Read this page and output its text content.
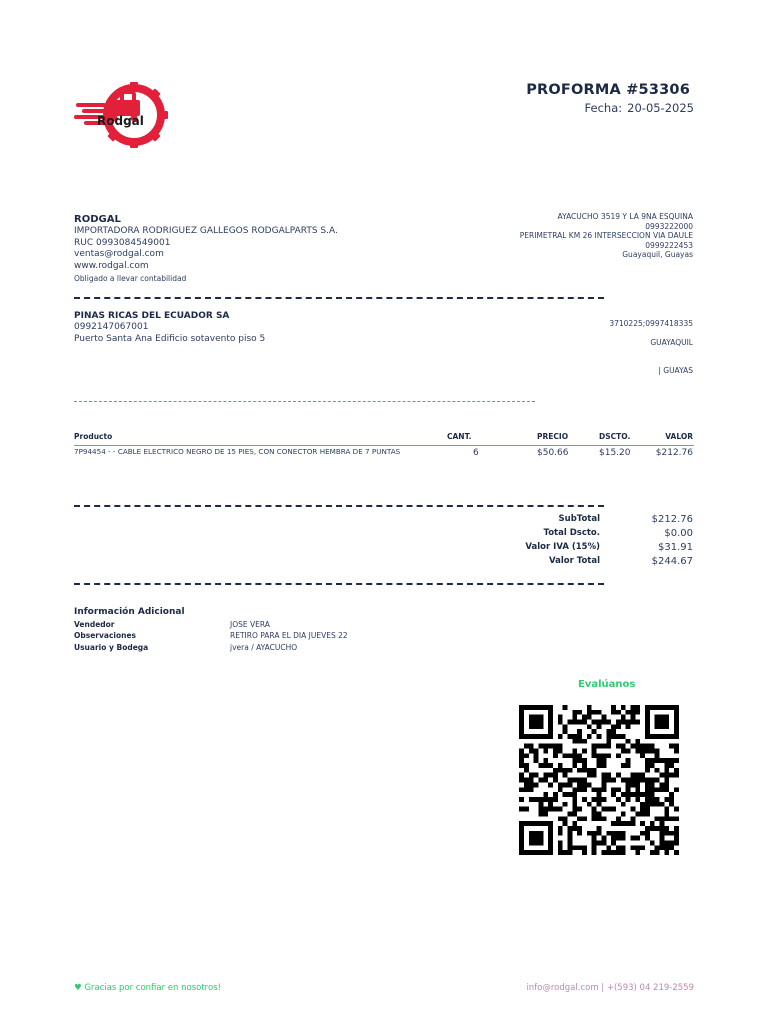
Rodgal
PROFORMA #53306
Fecha: 20-05-2025
RODGAL
IMPORTADORA RODRIGUEZ GALLEGOS RODGALPARTS S.A.
RUC 0993084549001
ventas@rodgal.com
www.rodgal.com
Obligado a llevar contabilidad
AYACUCHO 3519 Y LA 9NA ESQUINA
0993222000
PERIMETRAL KM 26 INTERSECCION VIA DAULE
0999222453
Guayaquil, Guayas
PINAS RICAS DEL ECUADOR SA
0992147067001
Puerto Santa Ana Edificio sotavento piso 5
3710225;0997418335
GUAYAQUIL
| GUAYAS
Producto	CANT.	PRECIO	DSCTO.	VALOR
7P94454 - - CABLE ELECTRICO NEGRO DE 15 PIES, CON CONECTOR HEMBRA DE 7 PUNTAS	6	$50.66	$15.20	$212.76
SubTotal	$212.76
Total Dscto.	$0.00
Valor IVA (15%)	$31.91
Valor Total	$244.67
Información Adicional
Vendedor	JOSE VERA
Observaciones	RETIRO PARA EL DIA JUEVES 22
Usuario y Bodega	jvera / AYACUCHO
Evalúanos
♥ Gracias por confiar en nosotros!	info@rodgal.com | +(593) 04 219-2559
